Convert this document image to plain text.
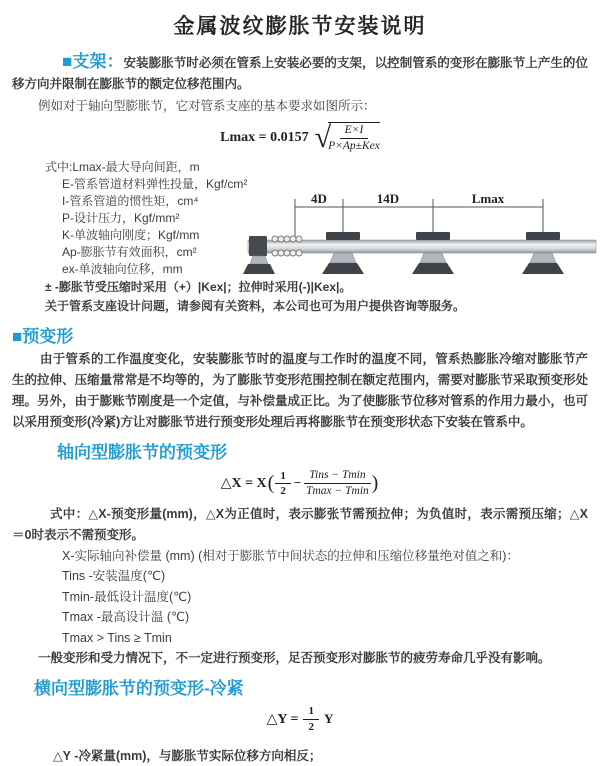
金属波纹膨胀节安装说明

■支架：安装膨胀节时必须在管系上安装必要的支架，以控制管系的变形在膨胀节上产生的位移方向并限制在膨胀节的额定位移范围内。

例如对于轴向型膨胀节，它对管系支座的基本要求如图所示：

Lmax = 0.0157 √
$\frac{E\times I}{\text{P×Ap±Kex}}$
式中:Lmax-最大导向间距，m
E-管系管道材料弹性投量，Kgf/cm²
I-管系管道的惯性矩，cm⁴
P-设计压力，Kgf/mm²
K-单波轴向刚度；Kgf/mm
Ap-膨胀节有效面积，cm²
ex-单波轴向位移，mm
± -膨胀节受压缩时采用（+）|Kex|；拉伸时采用(-)|Kex|。
关于管系支座设计问题，请参阅有关资料，本公司也可为用户提供咨询等服务。
4D	14D	Lmax
■预变形

由于管系的工作温度变化，安装膨胀节时的温度与工作时的温度不同，管系热膨胀冷缩对膨胀节产生的拉伸、压缩量常常是不均等的，为了膨胀节变形范围控制在额定范围内，需要对膨胀节采取预变形处理。另外，由于膨账节刚度是一个定值，与补偿量成正比。为了使膨胀节位移对管系的作用力最小，也可以采用预变形(冷紧)方让对膨胀节进行预变形处理后再将膨胀节在预变形状态下安装在管系中。

轴向型膨胀节的预变形
△X = X ( $\frac{1}{2} - \frac{\text{Tins − Tmin}}{Tmax - Tmin}$ )

式中：△X-预变形量(mm)，△X为正值时，表示膨张节需预拉伸；为负值时，表示需预压缩；△X＝0时表示不需预变形。

X-实际轴向补偿量 (mm) (相对于膨胀节中间状态的拉伸和压缩位移量绝对值之和)：
Tins -安装温度(℃)
Tmin-最低设计温度(℃)
Tmax -最高设计温 (℃)
Tmax > Tins ≥ Tmin

一般变形和受力情况下，不一定进行预变形，足否预变形对膨胀节的疲劳寿命几乎没有影响。

横向型膨胀节的预变形-冷紧
△Y = $\frac{1}{2}$ Y

△Y -冷紧量(mm)，与膨胀节实际位移方向相反；
